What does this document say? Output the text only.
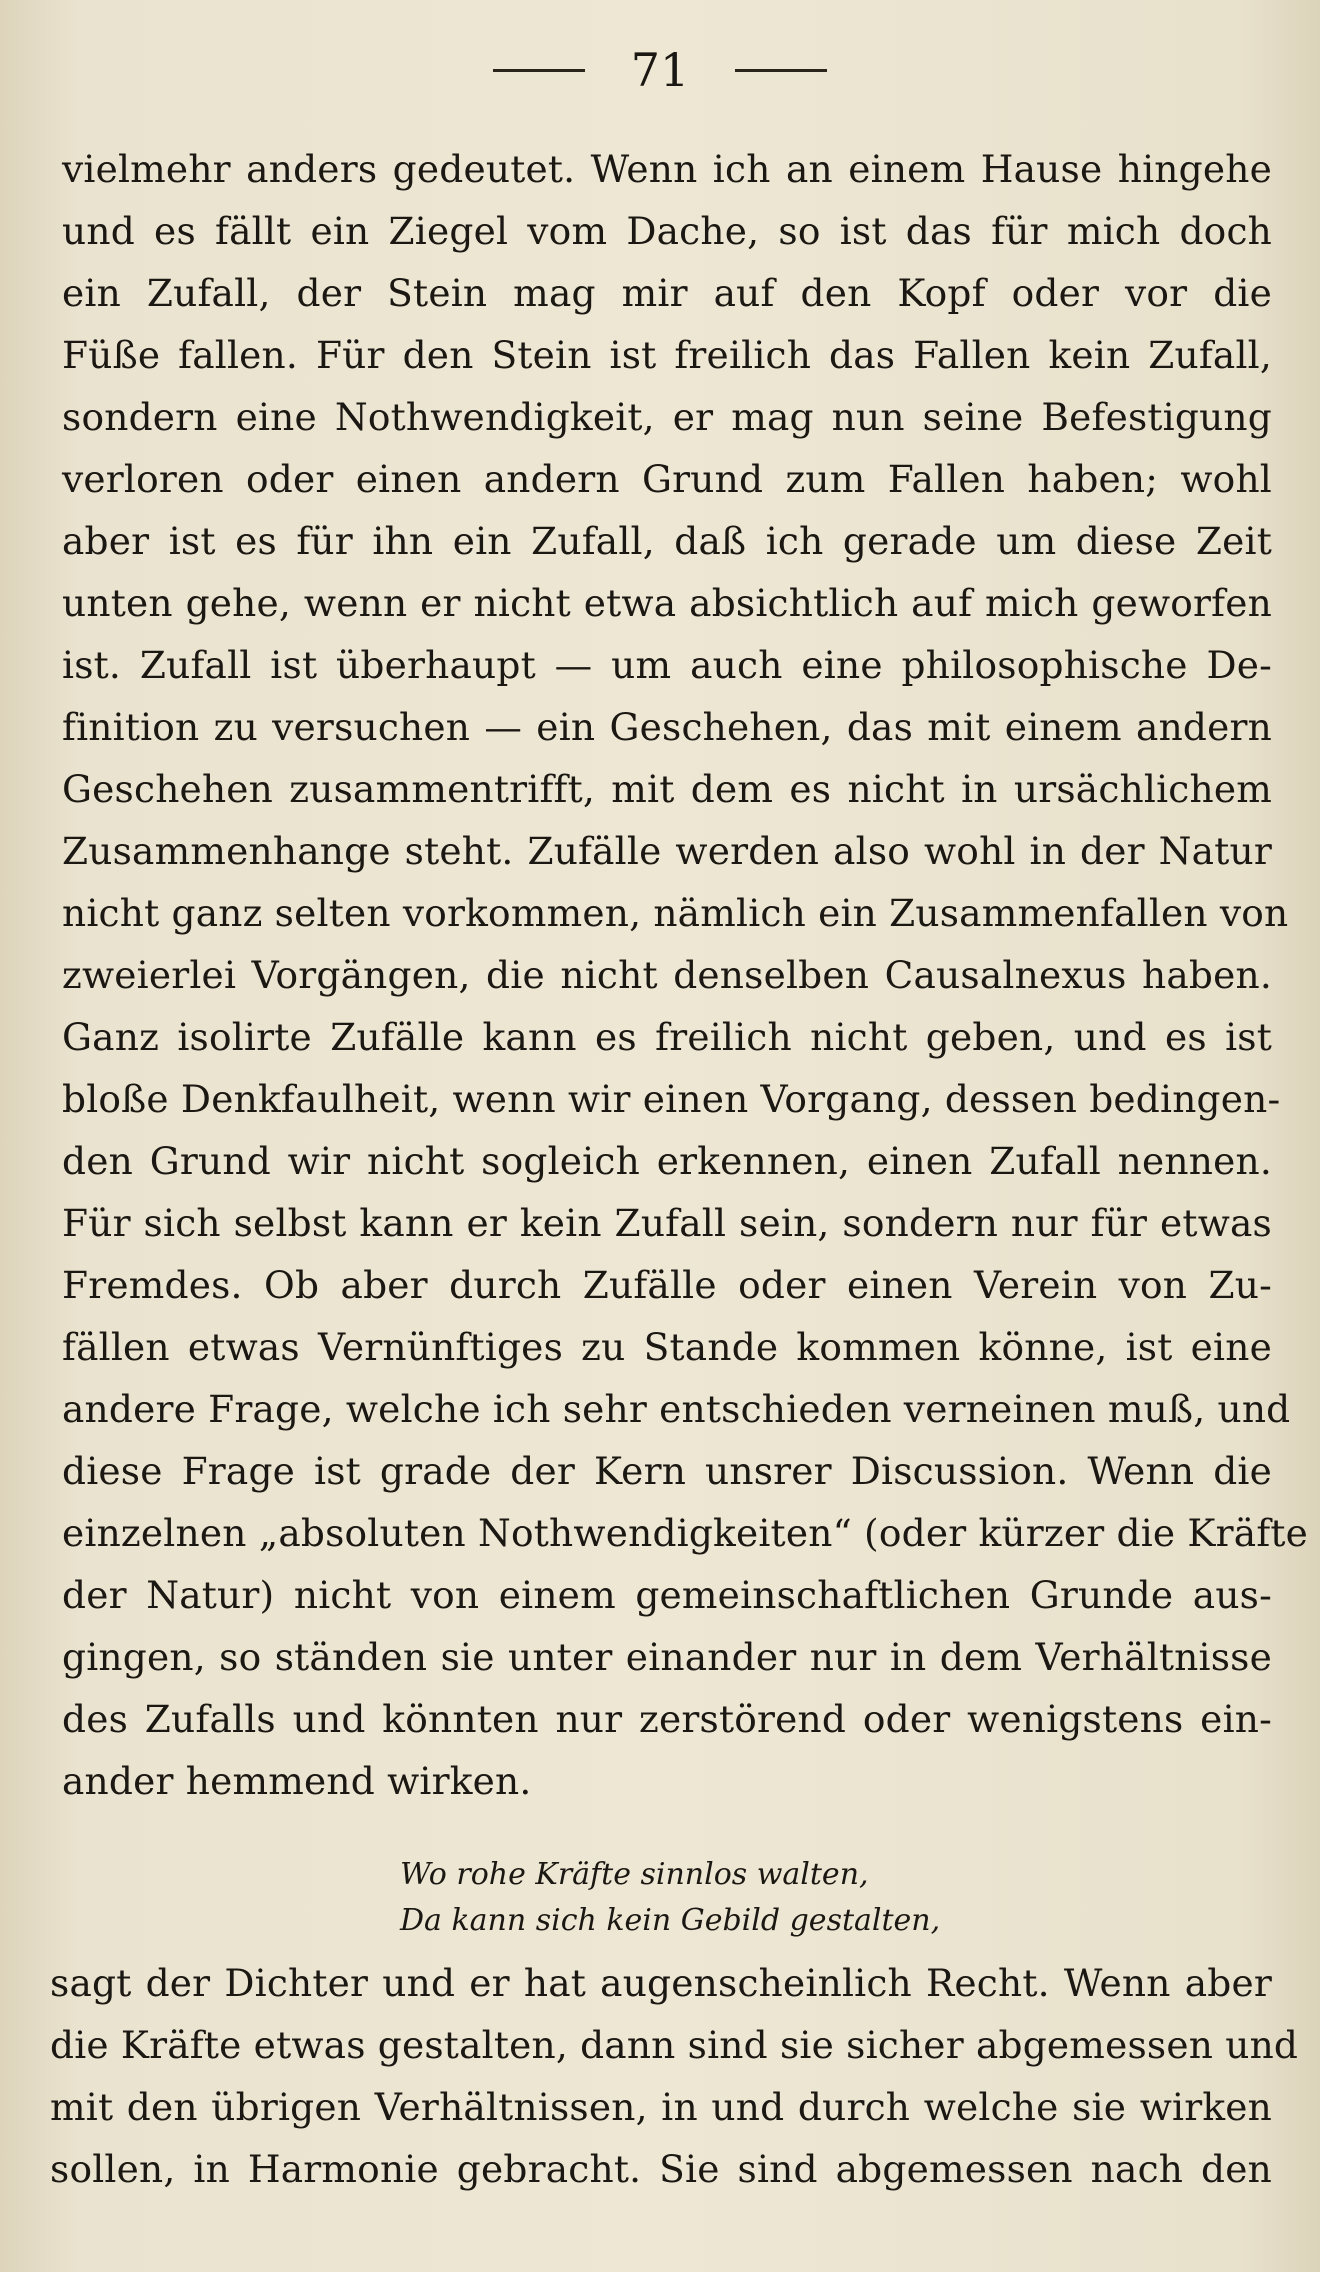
71
vielmehr anders gedeutet. Wenn ich an einem Hause hingehe
und es fällt ein Ziegel vom Dache, so ist das für mich doch
ein Zufall, der Stein mag mir auf den Kopf oder vor die
Füße fallen. Für den Stein ist freilich das Fallen kein Zufall,
sondern eine Nothwendigkeit, er mag nun seine Befestigung
verloren oder einen andern Grund zum Fallen haben; wohl
aber ist es für ihn ein Zufall, daß ich gerade um diese Zeit
unten gehe, wenn er nicht etwa absichtlich auf mich geworfen
ist. Zufall ist überhaupt — um auch eine philosophische De-
finition zu versuchen — ein Geschehen, das mit einem andern
Geschehen zusammentrifft, mit dem es nicht in ursächlichem
Zusammenhange steht. Zufälle werden also wohl in der Natur
nicht ganz selten vorkommen, nämlich ein Zusammenfallen von
zweierlei Vorgängen, die nicht denselben Causalnexus haben.
Ganz isolirte Zufälle kann es freilich nicht geben, und es ist
bloße Denkfaulheit, wenn wir einen Vorgang, dessen bedingen-
den Grund wir nicht sogleich erkennen, einen Zufall nennen.
Für sich selbst kann er kein Zufall sein, sondern nur für etwas
Fremdes. Ob aber durch Zufälle oder einen Verein von Zu-
fällen etwas Vernünftiges zu Stande kommen könne, ist eine
andere Frage, welche ich sehr entschieden verneinen muß, und
diese Frage ist grade der Kern unsrer Discussion. Wenn die
einzelnen „absoluten Nothwendigkeiten“ (oder kürzer die Kräfte
der Natur) nicht von einem gemeinschaftlichen Grunde aus-
gingen, so ständen sie unter einander nur in dem Verhältnisse
des Zufalls und könnten nur zerstörend oder wenigstens ein-
ander hemmend wirken.
Wo rohe Kräfte sinnlos walten,
Da kann sich kein Gebild gestalten,
sagt der Dichter und er hat augenscheinlich Recht. Wenn aber
die Kräfte etwas gestalten, dann sind sie sicher abgemessen und
mit den übrigen Verhältnissen, in und durch welche sie wirken
sollen, in Harmonie gebracht. Sie sind abgemessen nach den
